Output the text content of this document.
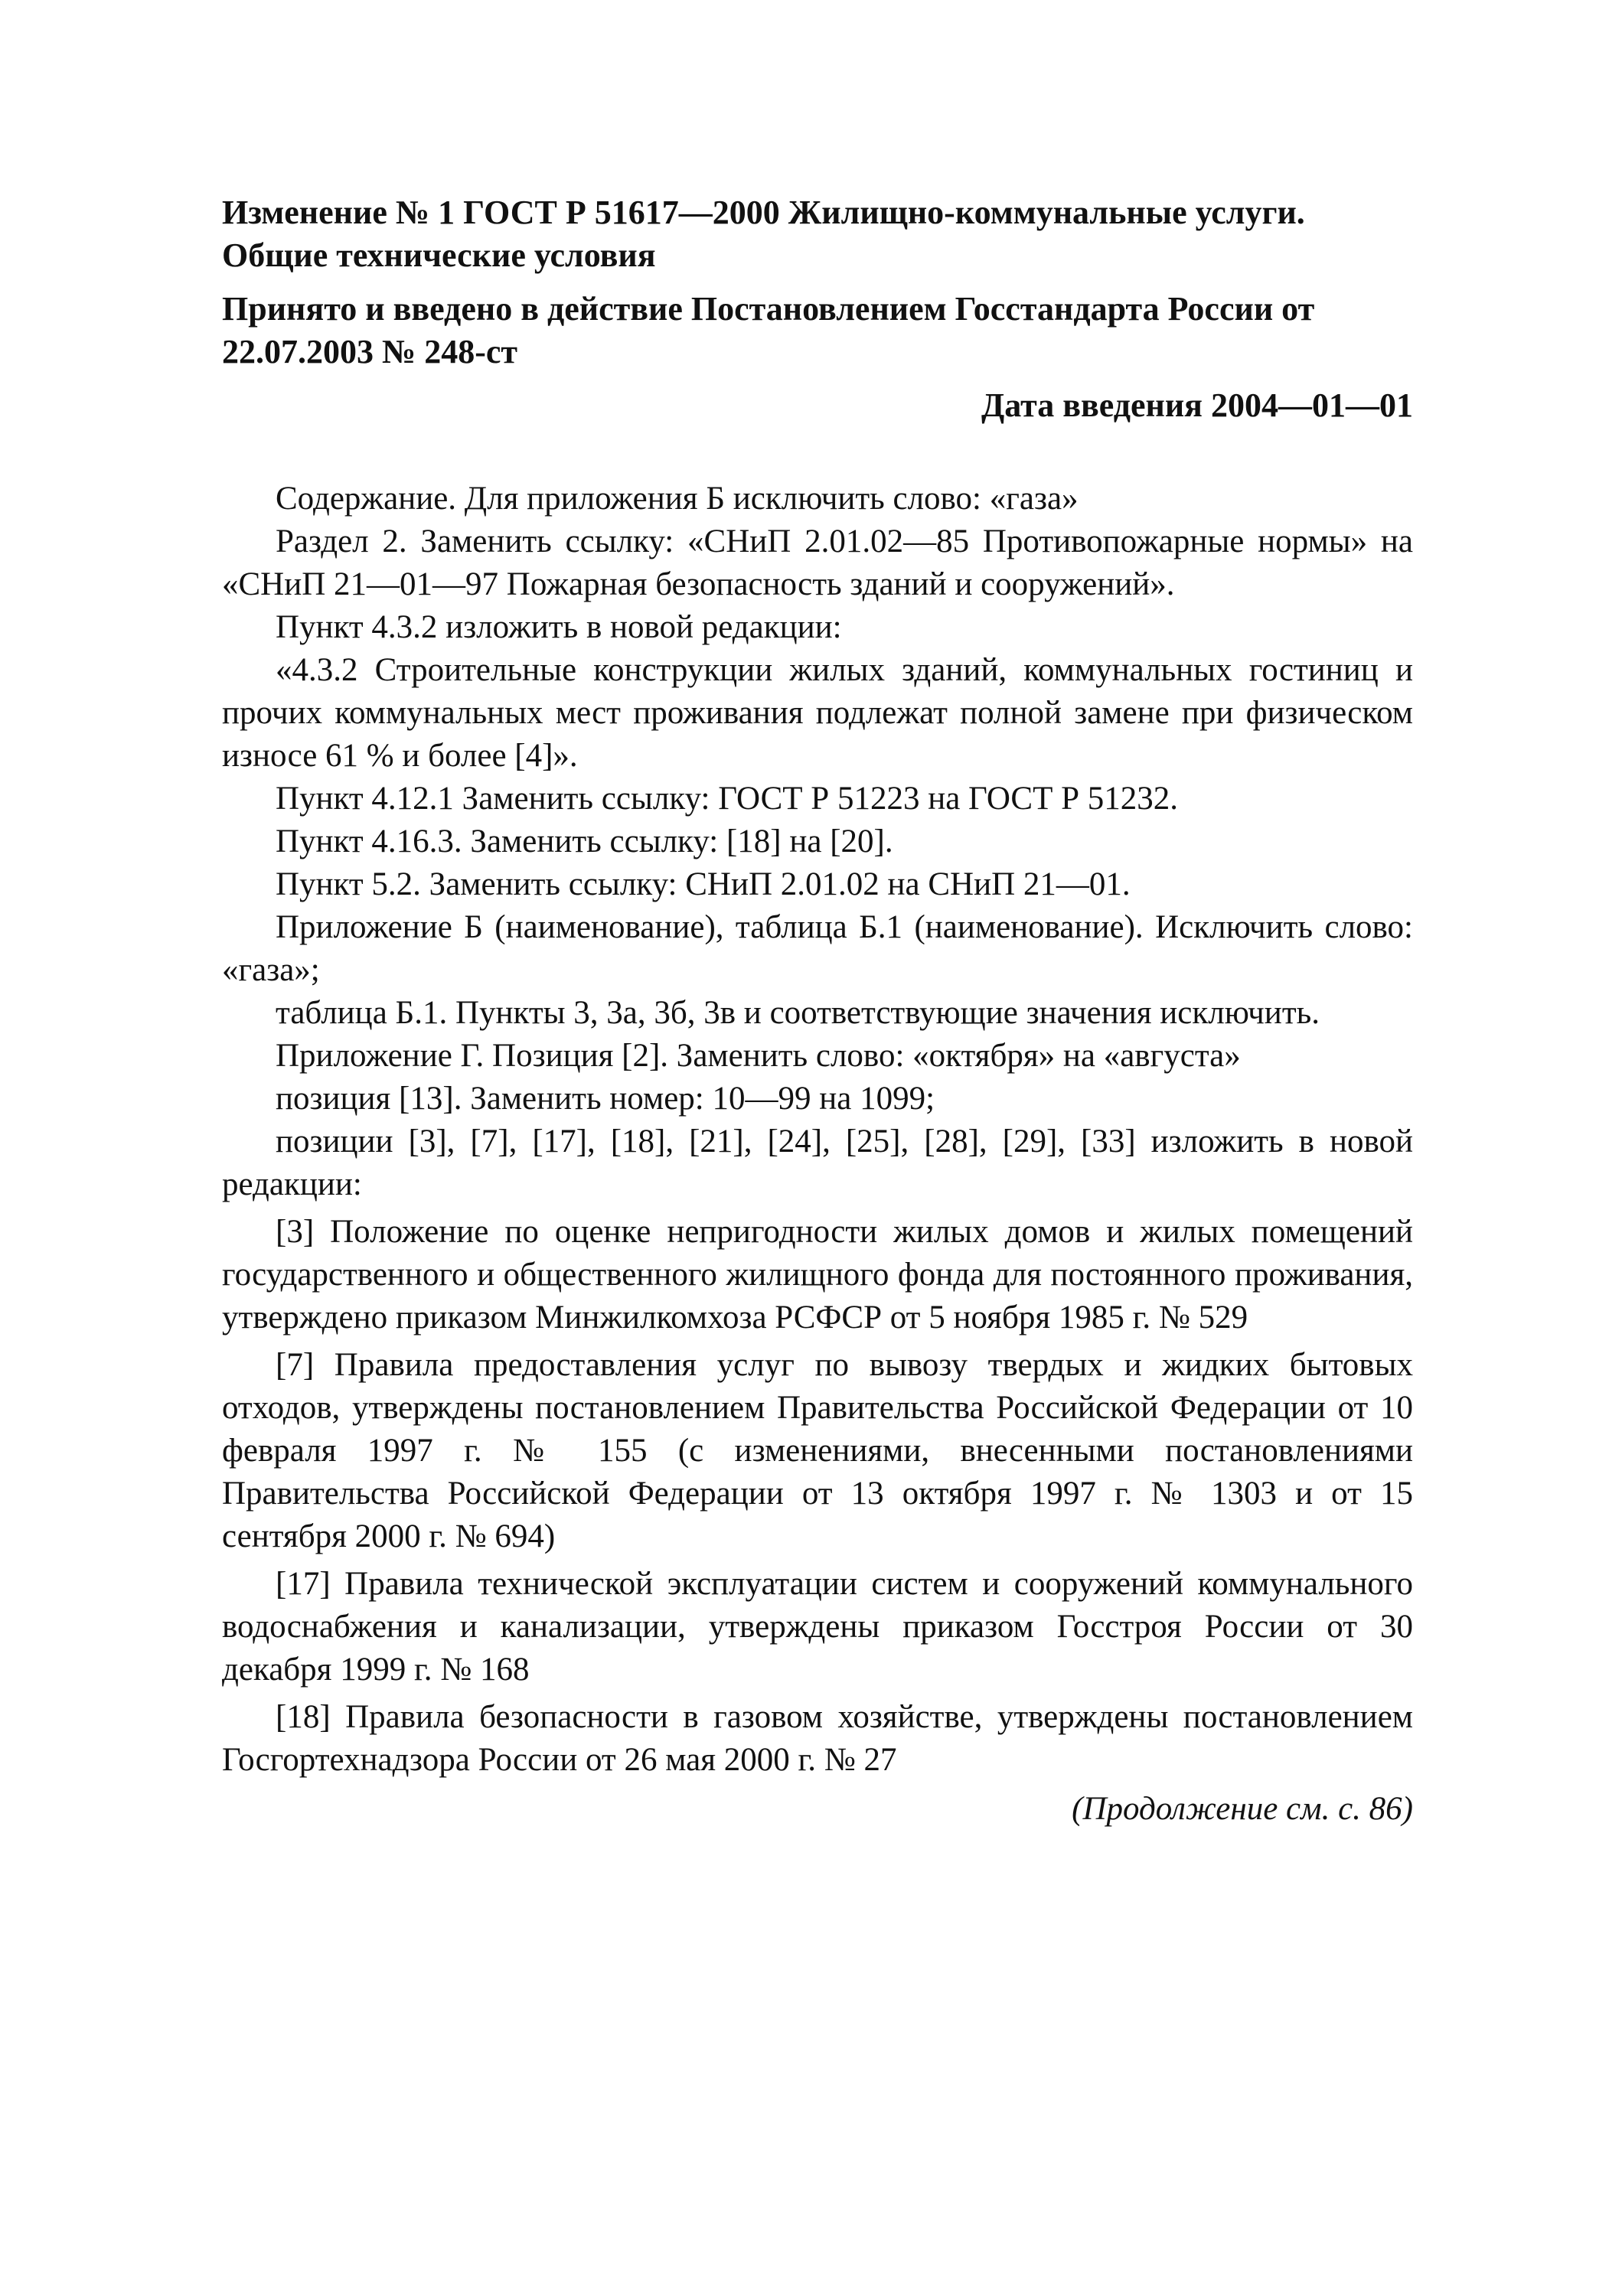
Изменение № 1 ГОСТ Р 51617—2000 Жилищно-коммунальные услуги.

Общие технические условия

Принято и введено в действие Постановлением Госстандарта России от

22.07.2003 № 248-ст

Дата введения 2004—01—01

Содержание. Для приложения Б исключить слово: «газа»

Раздел 2. Заменить ссылку: «СНиП 2.01.02—85 Противопожарные нормы» на «СНиП 21—01—97 Пожарная безопасность зданий и сооружений».

Пункт 4.3.2 изложить в новой редакции:

«4.3.2 Строительные конструкции жилых зданий, коммунальных гостиниц и прочих коммунальных мест проживания подлежат полной замене при физическом износе 61 % и более [4]».

Пункт 4.12.1 Заменить ссылку: ГОСТ Р 51223 на ГОСТ Р 51232.

Пункт 4.16.3. Заменить ссылку: [18] на [20].

Пункт 5.2. Заменить ссылку: СНиП 2.01.02 на СНиП 21—01.

Приложение Б (наименование), таблица Б.1 (наименование). Исключить слово: «газа»;

таблица Б.1. Пункты 3, 3а, 3б, 3в и соответствующие значения исключить.

Приложение Г. Позиция [2]. Заменить слово: «октября» на «августа»

позиция [13]. Заменить номер: 10—99 на 1099;

позиции [3], [7], [17], [18], [21], [24], [25], [28], [29], [33] изложить в новой редакции:

[3] Положение по оценке непригодности жилых домов и жилых помещений государственного и общественного жилищного фонда для постоянного проживания, утверждено приказом Минжилкомхоза РСФСР от 5 ноября 1985 г. № 529

[7] Правила предоставления услуг по вывозу твердых и жидких бытовых отходов, утверждены постановлением Правительства Российской Федерации от 10 февраля 1997 г. № 155 (с изменениями, внесенными постановлениями Правительства Российской Федерации от 13 октября 1997 г. № 1303 и от 15 сентября 2000 г. № 694)

[17] Правила технической эксплуатации систем и сооружений коммунального водоснабжения и канализации, утверждены приказом Госстроя России от 30 декабря 1999 г. № 168

[18] Правила безопасности в газовом хозяйстве, утверждены постановлением Госгортехнадзора России от 26 мая 2000 г. № 27

(Продолжение см. с. 86)
